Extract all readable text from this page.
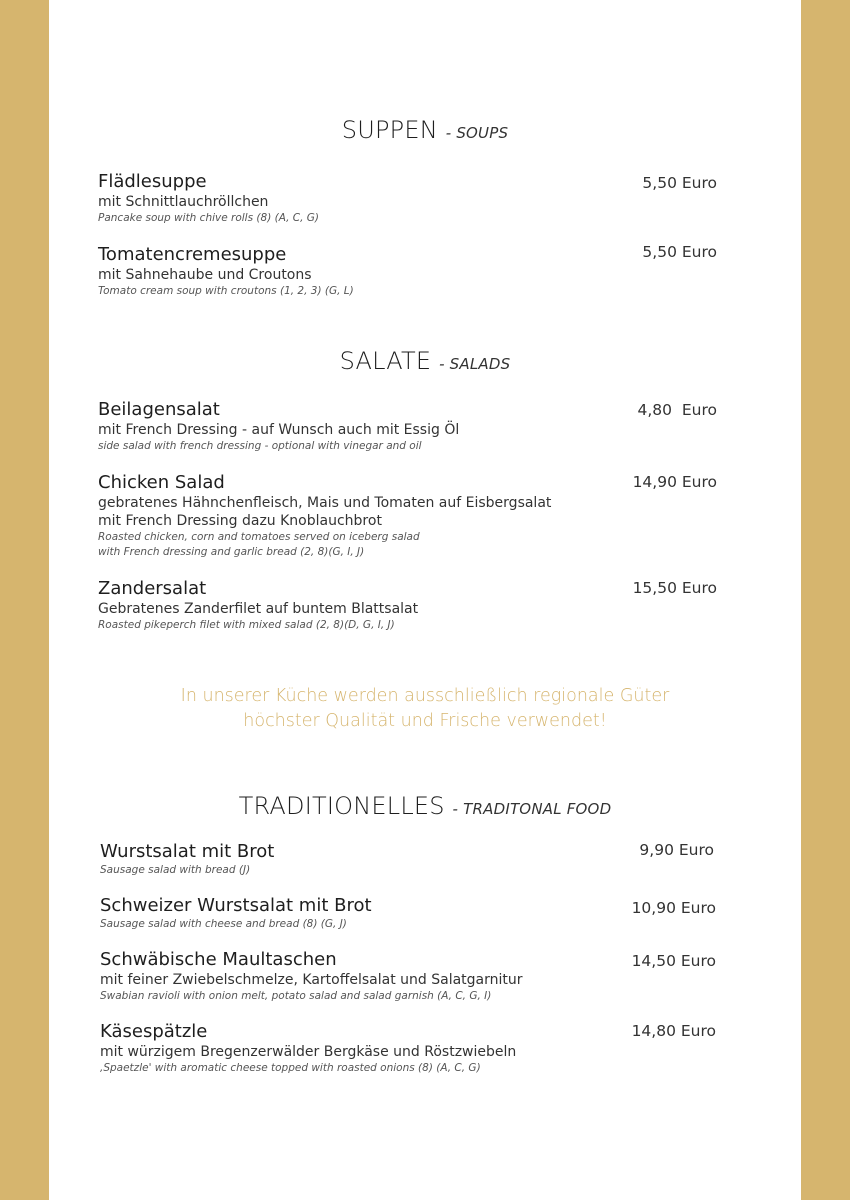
SUPPEN - SOUPS
Flädlesuppe
mit Schnittlauchröllchen
Pancake soup with chive rolls (8) (A, C, G)
5,50 Euro
Tomatencremesuppe
mit Sahnehaube und Croutons
Tomato cream soup with croutons (1, 2, 3) (G, L)
5,50 Euro
SALATE - SALADS
Beilagensalat
mit French Dressing - auf Wunsch auch mit Essig Öl
side salad with french dressing - optional with vinegar and oil
4,80  Euro
Chicken Salad
gebratenes Hähnchenfleisch, Mais und Tomaten auf Eisbergsalat
mit French Dressing dazu Knoblauchbrot
Roasted chicken, corn and tomatoes served on iceberg salad
with French dressing and garlic bread (2, 8)(G, I, J)
14,90 Euro
Zandersalat
Gebratenes Zanderfilet auf buntem Blattsalat
Roasted pikeperch filet with mixed salad (2, 8)(D, G, I, J)
15,50 Euro
In unserer Küche werden ausschließlich regionale Güter
höchster Qualität und Frische verwendet!
TRADITIONELLES - TRADITONAL FOOD
Wurstsalat mit Brot
Sausage salad with bread (J)
9,90 Euro
Schweizer Wurstsalat mit Brot
Sausage salad with cheese and bread (8) (G, J)
10,90 Euro
Schwäbische Maultaschen
mit feiner Zwiebelschmelze, Kartoffelsalat und Salatgarnitur
Swabian ravioli with onion melt, potato salad and salad garnish (A, C, G, I)
14,50 Euro
Käsespätzle
mit würzigem Bregenzerwälder Bergkäse und Röstzwiebeln
‚Spaetzle' with aromatic cheese topped with roasted onions (8) (A, C, G)
14,80 Euro
